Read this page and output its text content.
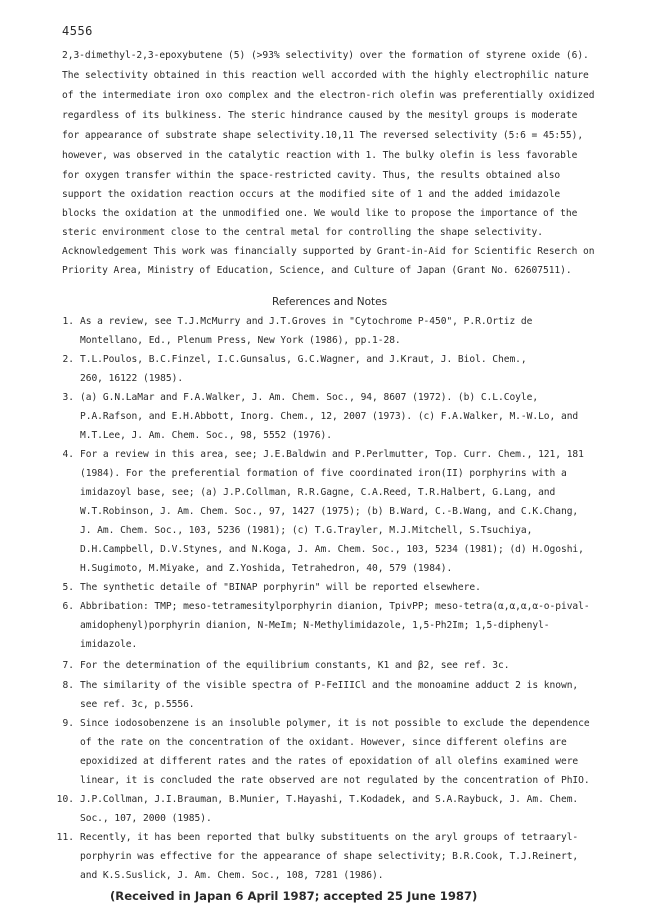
4556
2,3-dimethyl-2,3-epoxybutene (5) (>93% selectivity) over the formation of styrene oxide (6).
The selectivity obtained in this reaction well accorded with the highly electrophilic nature
of the intermediate iron oxo complex and the electron-rich olefin was preferentially oxidized
regardless of its bulkiness. The steric hindrance caused by the mesityl groups is moderate
for appearance of substrate shape selectivity.10,11 The reversed selectivity (5:6 = 45:55),
however, was observed in the catalytic reaction with 1. The bulky olefin is less favorable
for oxygen transfer within the space-restricted cavity. Thus, the results obtained also
support the oxidation reaction occurs at the modified site of 1 and the added imidazole
blocks the oxidation at the unmodified one. We would like to propose the importance of the
steric environment close to the central metal for controlling the shape selectivity.
Acknowledgement This work was financially supported by Grant-in-Aid for Scientific Reserch on
Priority Area, Ministry of Education, Science, and Culture of Japan (Grant No. 62607511).
References and Notes
1. As a review, see T.J.McMurry and J.T.Groves in "Cytochrome P-450", P.R.Ortiz de
Montellano, Ed., Plenum Press, New York (1986), pp.1-28.
2. T.L.Poulos, B.C.Finzel, I.C.Gunsalus, G.C.Wagner, and J.Kraut, J. Biol. Chem.,
260, 16122 (1985).
3. (a) G.N.LaMar and F.A.Walker, J. Am. Chem. Soc., 94, 8607 (1972). (b) C.L.Coyle,
P.A.Rafson, and E.H.Abbott, Inorg. Chem., 12, 2007 (1973). (c) F.A.Walker, M.-W.Lo, and
M.T.Lee, J. Am. Chem. Soc., 98, 5552 (1976).
4. For a review in this area, see; J.E.Baldwin and P.Perlmutter, Top. Curr. Chem., 121, 181
(1984). For the preferential formation of five coordinated iron(II) porphyrins with a
imidazoyl base, see; (a) J.P.Collman, R.R.Gagne, C.A.Reed, T.R.Halbert, G.Lang, and
W.T.Robinson, J. Am. Chem. Soc., 97, 1427 (1975); (b) B.Ward, C.-B.Wang, and C.K.Chang,
J. Am. Chem. Soc., 103, 5236 (1981); (c) T.G.Trayler, M.J.Mitchell, S.Tsuchiya,
D.H.Campbell, D.V.Stynes, and N.Koga, J. Am. Chem. Soc., 103, 5234 (1981); (d) H.Ogoshi,
H.Sugimoto, M.Miyake, and Z.Yoshida, Tetrahedron, 40, 579 (1984).
5. The synthetic detaile of "BINAP porphyrin" will be reported elsewhere.
6. Abbribation: TMP; meso-tetramesitylporphyrin dianion, TpivPP; meso-tetra(α,α,α,α-o-pival-
amidophenyl)porphyrin dianion, N-MeIm; N-Methylimidazole, 1,5-Ph2Im; 1,5-diphenyl-
imidazole.
7. For the determination of the equilibrium constants, K1 and β2, see ref. 3c.
8. The similarity of the visible spectra of P-FeIIICl and the monoamine adduct 2 is known,
see ref. 3c, p.5556.
9. Since iodosobenzene is an insoluble polymer, it is not possible to exclude the dependence
of the rate on the concentration of the oxidant. However, since different olefins are
epoxidized at different rates and the rates of epoxidation of all olefins examined were
linear, it is concluded the rate observed are not regulated by the concentration of PhIO.
10. J.P.Collman, J.I.Brauman, B.Munier, T.Hayashi, T.Kodadek, and S.A.Raybuck, J. Am. Chem.
Soc., 107, 2000 (1985).
11. Recently, it has been reported that bulky substituents on the aryl groups of tetraaryl-
porphyrin was effective for the appearance of shape selectivity; B.R.Cook, T.J.Reinert,
and K.S.Suslick, J. Am. Chem. Soc., 108, 7281 (1986).
(Received in Japan 6 April 1987; accepted 25 June 1987)
